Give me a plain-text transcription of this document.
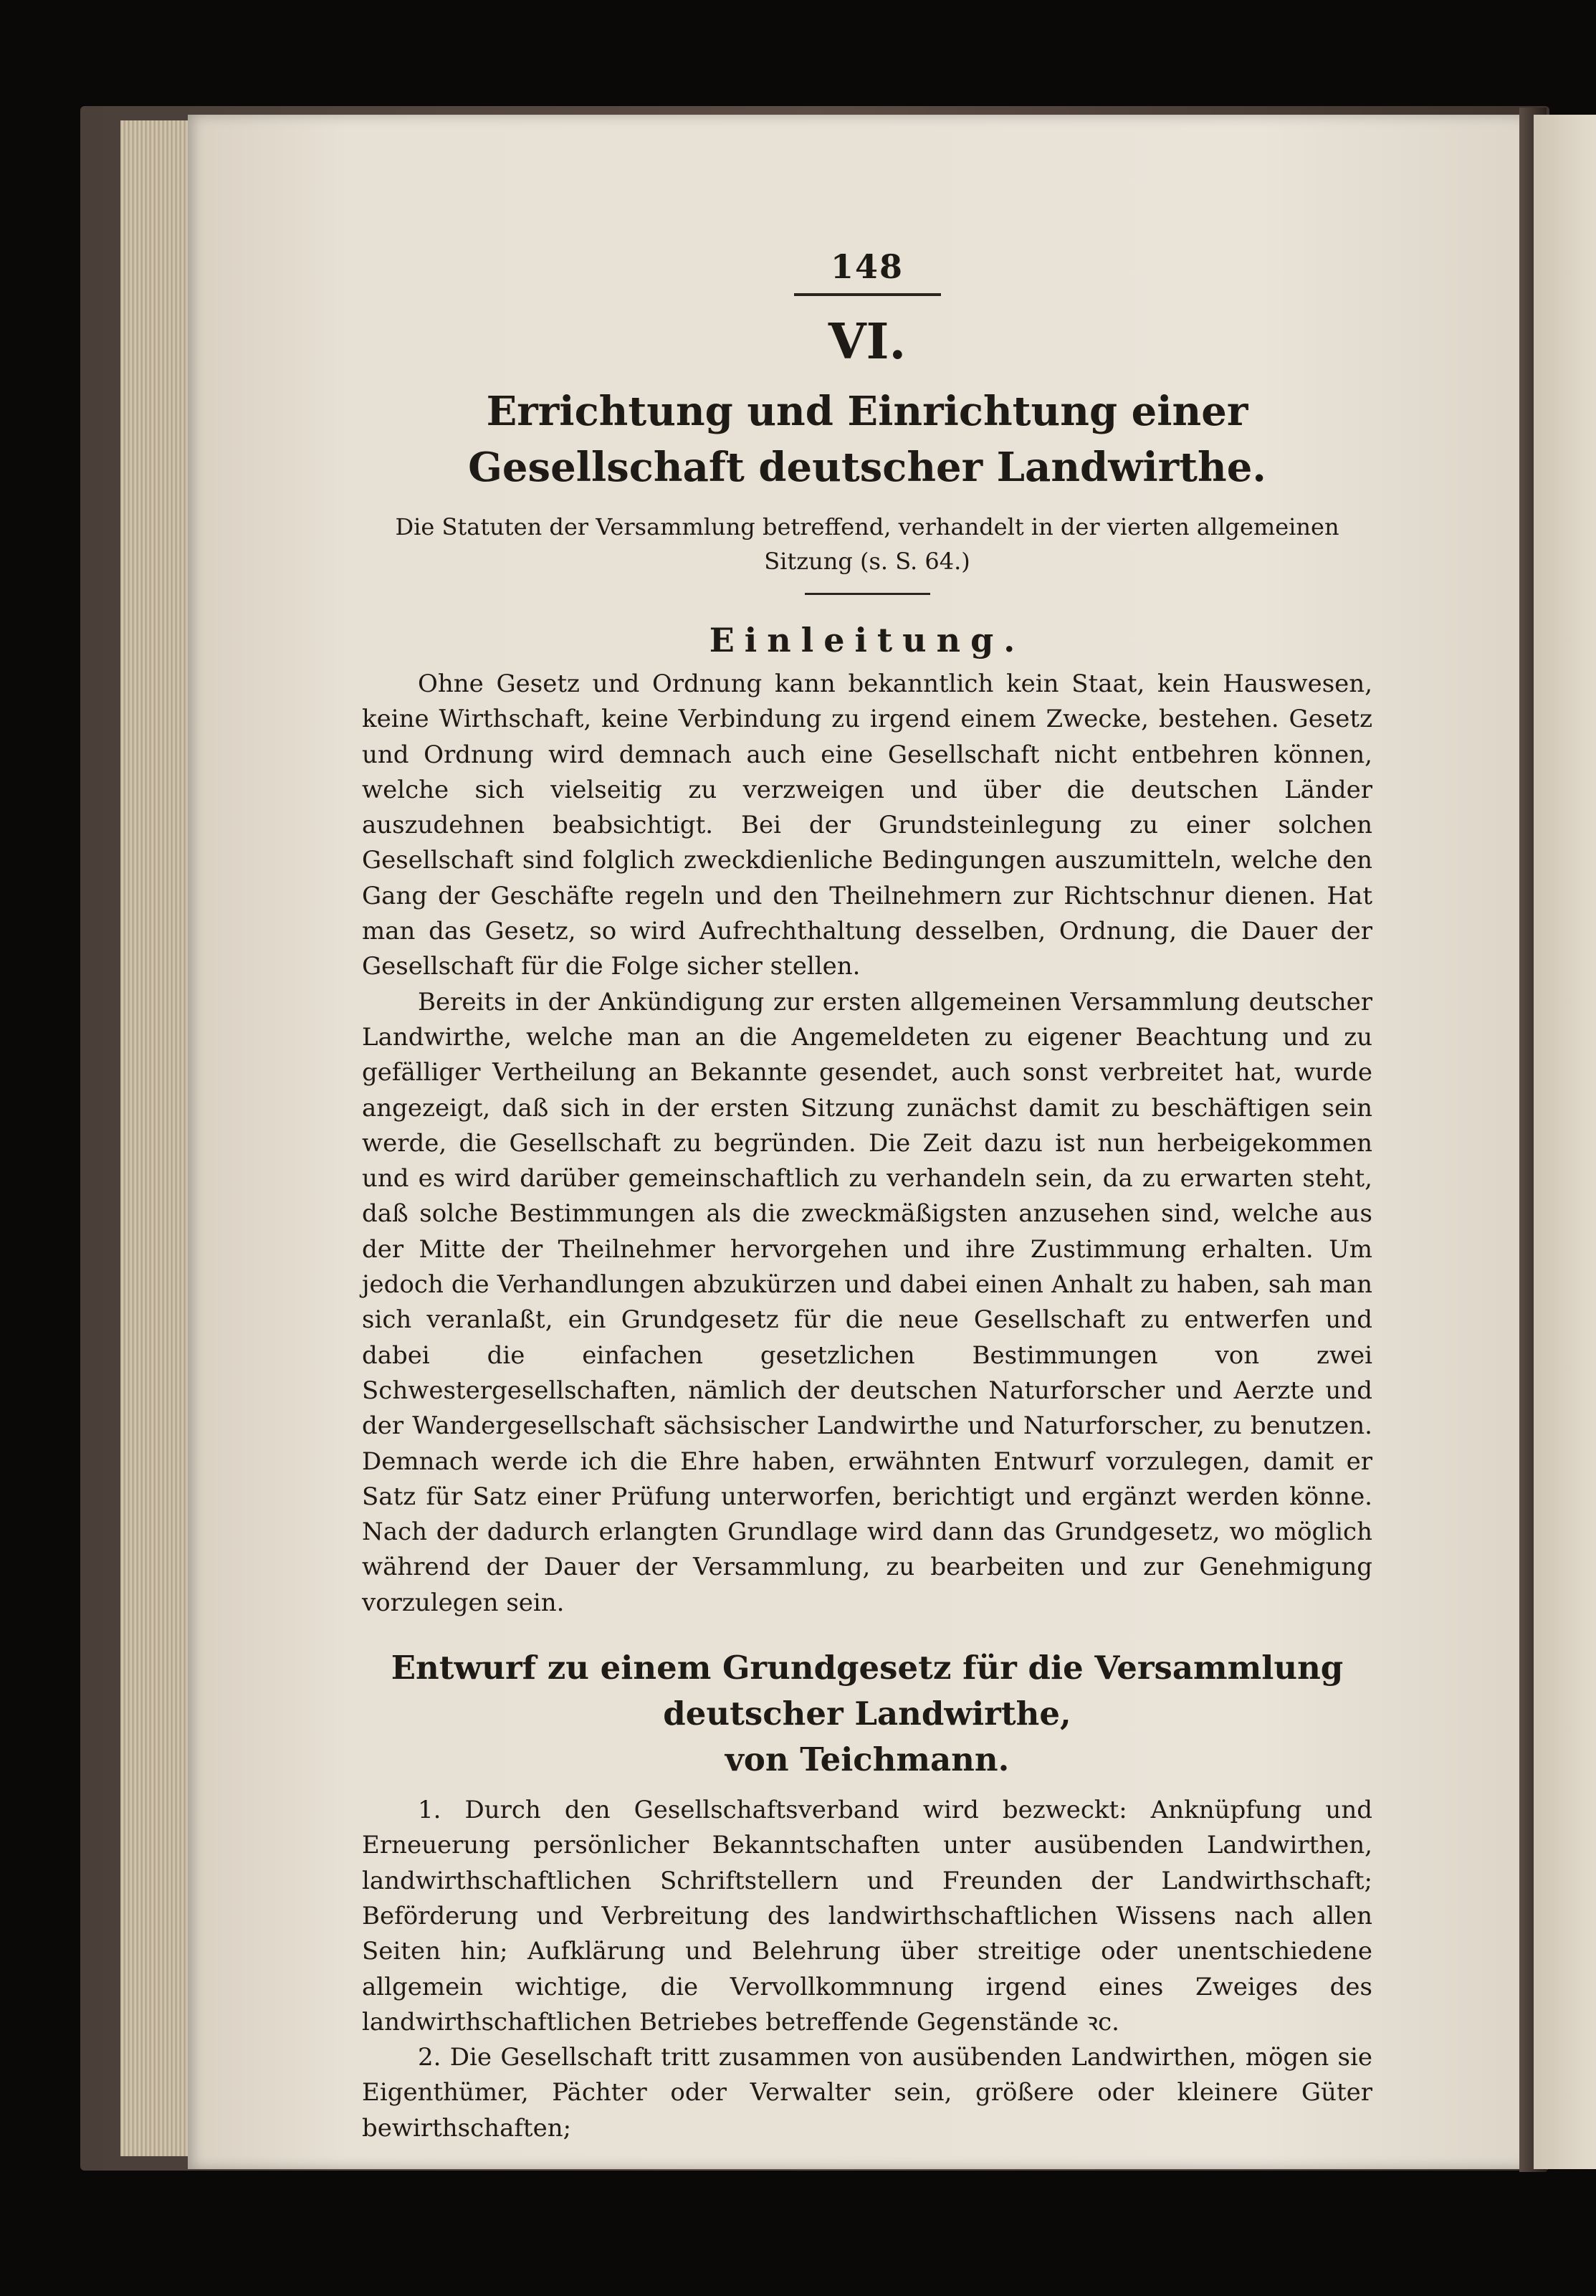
148

VI.

Errichtung und Einrichtung einer Gesellschaft deutscher Landwirthe.

Die Statuten der Versammlung betreffend, verhandelt in der vierten allgemeinen Sitzung (s. S. 64.)

Einleitung.

Ohne Gesetz und Ordnung kann bekanntlich kein Staat, kein Hauswesen, keine Wirthschaft, keine Verbindung zu irgend einem Zwecke, bestehen. Gesetz und Ordnung wird demnach auch eine Gesellschaft nicht entbehren können, welche sich vielseitig zu verzweigen und über die deutschen Länder auszudehnen beabsichtigt. Bei der Grundsteinlegung zu einer solchen Gesellschaft sind folglich zweckdienliche Bedingungen auszumitteln, welche den Gang der Geschäfte regeln und den Theilnehmern zur Richtschnur dienen. Hat man das Gesetz, so wird Aufrechthaltung desselben, Ordnung, die Dauer der Gesellschaft für die Folge sicher stellen.

Bereits in der Ankündigung zur ersten allgemeinen Versammlung deutscher Landwirthe, welche man an die Angemeldeten zu eigener Beachtung und zu gefälliger Vertheilung an Bekannte gesendet, auch sonst verbreitet hat, wurde angezeigt, daß sich in der ersten Sitzung zunächst damit zu beschäftigen sein werde, die Gesellschaft zu begründen. Die Zeit dazu ist nun herbeigekommen und es wird darüber gemeinschaftlich zu verhandeln sein, da zu erwarten steht, daß solche Bestimmungen als die zweckmäßigsten anzusehen sind, welche aus der Mitte der Theilnehmer hervorgehen und ihre Zustimmung erhalten. Um jedoch die Verhandlungen abzukürzen und dabei einen Anhalt zu haben, sah man sich veranlaßt, ein Grundgesetz für die neue Gesellschaft zu entwerfen und dabei die einfachen gesetzlichen Bestimmungen von zwei Schwestergesellschaften, nämlich der deutschen Naturforscher und Aerzte und der Wandergesellschaft sächsischer Landwirthe und Naturforscher, zu benutzen. Demnach werde ich die Ehre haben, erwähnten Entwurf vorzulegen, damit er Satz für Satz einer Prüfung unterworfen, berichtigt und ergänzt werden könne. Nach der dadurch erlangten Grundlage wird dann das Grundgesetz, wo möglich während der Dauer der Versammlung, zu bearbeiten und zur Genehmigung vorzulegen sein.

Entwurf zu einem Grundgesetz für die Versammlung deutscher Landwirthe,
von Teichmann.

1. Durch den Gesellschaftsverband wird bezweckt: Anknüpfung und Erneuerung persönlicher Bekanntschaften unter ausübenden Landwirthen, landwirthschaftlichen Schriftstellern und Freunden der Landwirthschaft; Beförderung und Verbreitung des landwirthschaftlichen Wissens nach allen Seiten hin; Aufklärung und Belehrung über streitige oder unentschiedene allgemein wichtige, die Vervollkommnung irgend eines Zweiges des landwirthschaftlichen Betriebes betreffende Gegenstände ꝛc.

2. Die Gesellschaft tritt zusammen von ausübenden Landwirthen, mögen sie Eigenthümer, Pächter oder Verwalter sein, größere oder kleinere Güter bewirthschaften;
